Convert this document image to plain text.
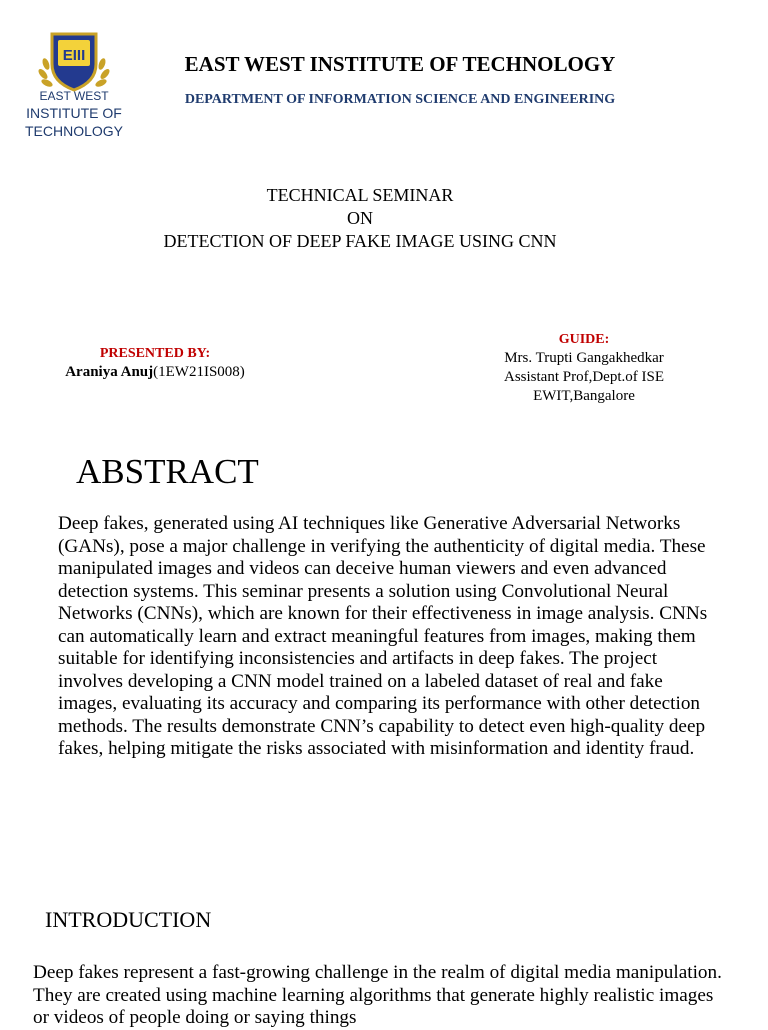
EIII
EAST WEST
INSTITUTE OF
TECHNOLOGY
EAST WEST INSTITUTE OF TECHNOLOGY
DEPARTMENT OF INFORMATION SCIENCE AND ENGINEERING
TECHNICAL SEMINAR
ON
DETECTION OF DEEP FAKE IMAGE USING CNN
PRESENTED BY:
Araniya Anuj(1EW21IS008)
GUIDE:
Mrs. Trupti Gangakhedkar
Assistant Prof,Dept.of ISE
EWIT,Bangalore
ABSTRACT
Deep fakes, generated using AI techniques like Generative Adversarial Networks (GANs), pose a major challenge in verifying the authenticity of digital media. These manipulated images and videos can deceive human viewers and even advanced detection systems. This seminar presents a solution using Convolutional Neural Networks (CNNs), which are known for their effectiveness in image analysis. CNNs can automatically learn and extract meaningful features from images, making them suitable for identifying inconsistencies and artifacts in deep fakes. The project involves developing a CNN model trained on a labeled dataset of real and fake images, evaluating its accuracy and comparing its performance with other detection methods. The results demonstrate CNN’s capability to detect even high-quality deep fakes, helping mitigate the risks associated with misinformation and identity fraud.
INTRODUCTION
Deep fakes represent a fast-growing challenge in the realm of digital media manipulation. They are created using machine learning algorithms that generate highly realistic images or videos of people doing or saying things
